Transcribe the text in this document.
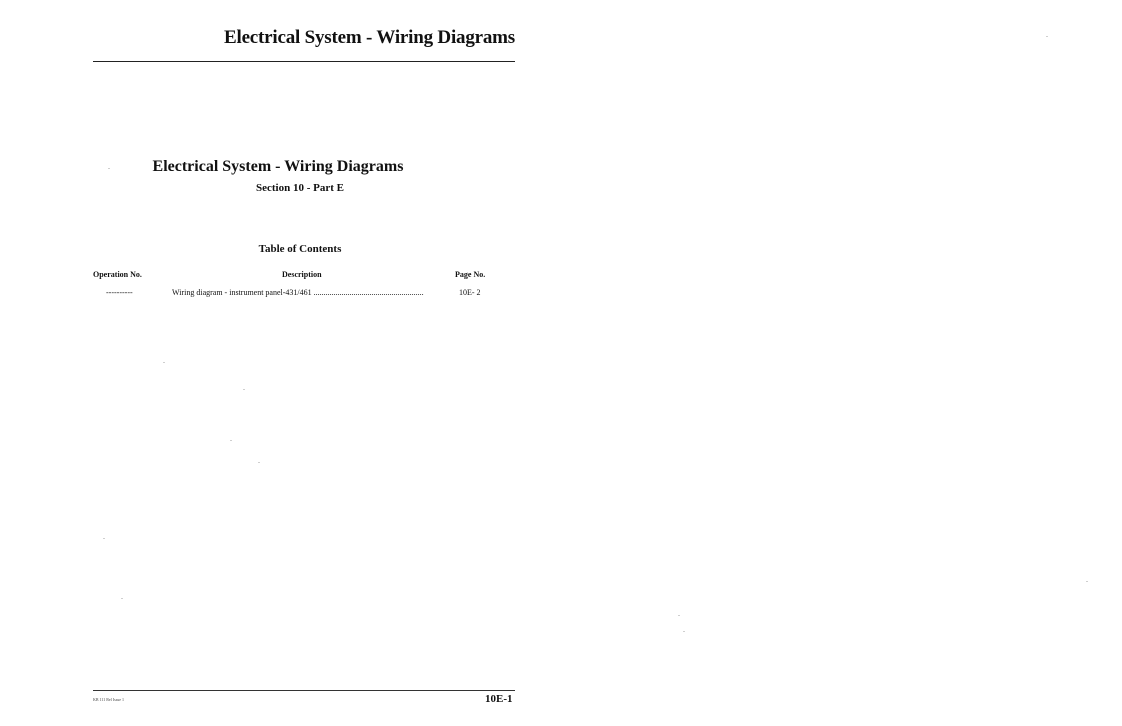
Electrical System - Wiring Diagrams
Electrical System - Wiring Diagrams
Section 10 - Part E
Table of Contents
Operation No.	Description	Page No.
----------	Wiring diagram - instrument panel-431/461 .......................................................	10E- 2
KB 111 Rel Issue 1	10E-1
